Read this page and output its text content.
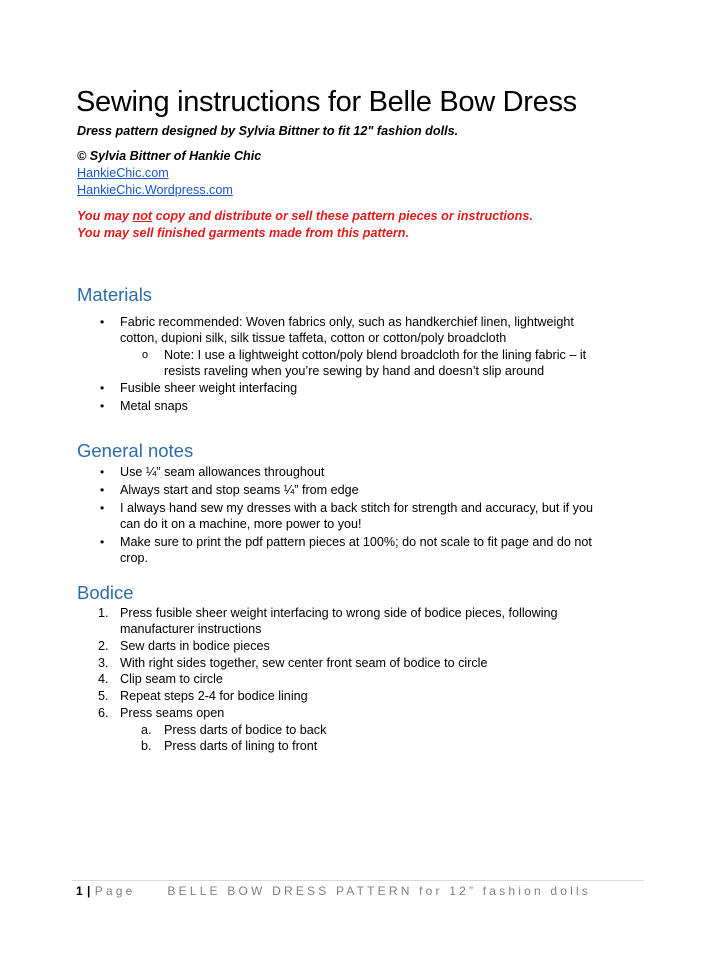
Sewing instructions for Belle Bow Dress
Dress pattern designed by Sylvia Bittner to fit 12" fashion dolls.
© Sylvia Bittner of Hankie Chic
HankieChic.com
HankieChic.Wordpress.com
You may not copy and distribute or sell these pattern pieces or instructions.
You may sell finished garments made from this pattern.
Materials
• Fabric recommended: Woven fabrics only, such as handkerchief linen, lightweight
cotton, dupioni silk, silk tissue taffeta, cotton or cotton/poly broadcloth
o Note: I use a lightweight cotton/poly blend broadcloth for the lining fabric – it
resists raveling when you’re sewing by hand and doesn’t slip around
• Fusible sheer weight interfacing
• Metal snaps
General notes
• Use ¼” seam allowances throughout
• Always start and stop seams ¼” from edge
• I always hand sew my dresses with a back stitch for strength and accuracy, but if you
can do it on a machine, more power to you!
• Make sure to print the pdf pattern pieces at 100%; do not scale to fit page and do not
crop.
Bodice
1. Press fusible sheer weight interfacing to wrong side of bodice pieces, following
manufacturer instructions
2. Sew darts in bodice pieces
3. With right sides together, sew center front seam of bodice to circle
4. Clip seam to circle
5. Repeat steps 2-4 for bodice lining
6. Press seams open
a. Press darts of bodice to back
b. Press darts of lining to front
1 | Page	BELLE BOW DRESS PATTERN for 12” fashion dolls
